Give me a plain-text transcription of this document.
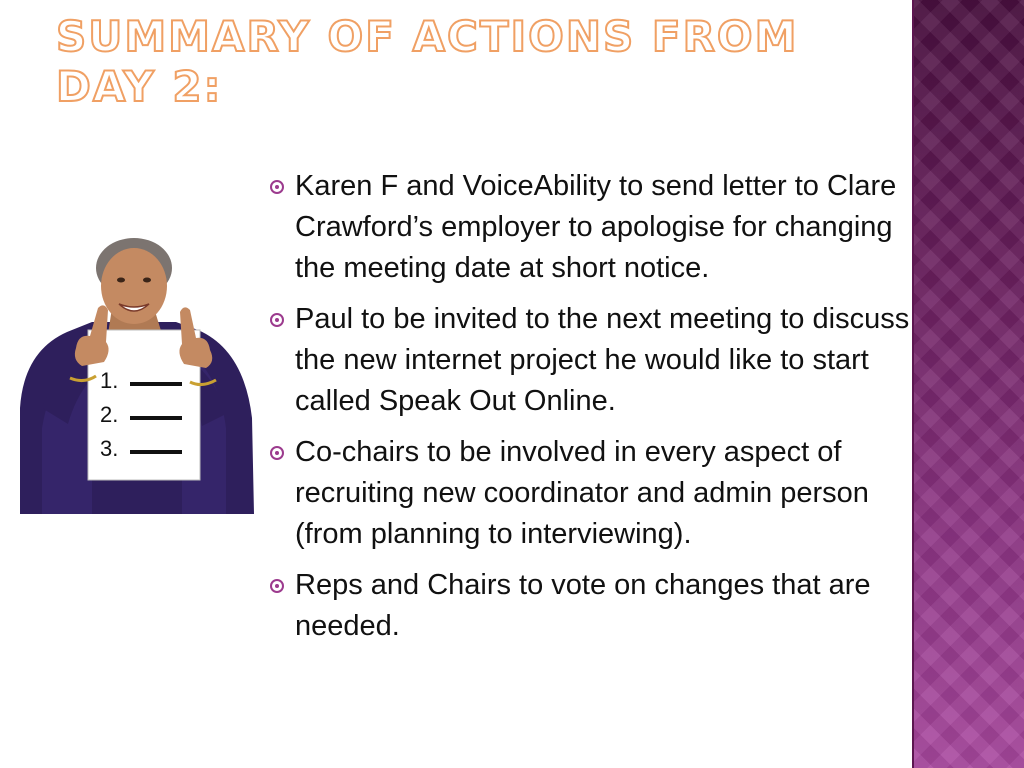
SUMMARY OF ACTIONS FROM DAY 2:
1.
2.
3.
Karen F and VoiceAbility to send letter to Clare Crawford’s employer to apologise for changing the meeting date at short notice.
Paul to be invited to the next meeting to discuss the new internet project he would like to start called Speak Out Online.
Co-chairs to be involved in every aspect of recruiting new coordinator and admin person (from planning to interviewing).
Reps and Chairs to vote on changes that are needed.
